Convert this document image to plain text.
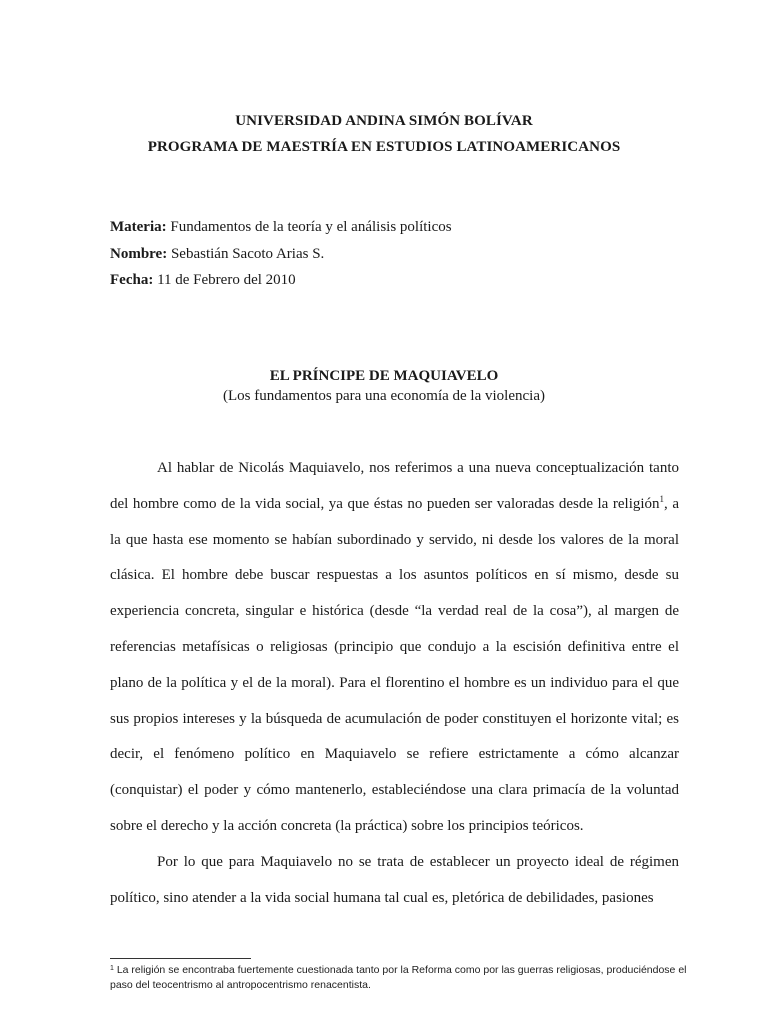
UNIVERSIDAD ANDINA SIMÓN BOLÍVAR
PROGRAMA DE MAESTRÍA EN ESTUDIOS LATINOAMERICANOS
Materia: Fundamentos de la teoría y el análisis políticos
Nombre: Sebastián Sacoto Arias S.
Fecha: 11 de Febrero del 2010
EL PRÍNCIPE DE MAQUIAVELO
(Los fundamentos para una economía de la violencia)

Al hablar de Nicolás Maquiavelo, nos referimos a una nueva conceptualización tanto del hombre como de la vida social, ya que éstas no pueden ser valoradas desde la religión$^1$, a la que hasta ese momento se habían subordinado y servido, ni desde los valores de la moral clásica. El hombre debe buscar respuestas a los asuntos políticos en sí mismo, desde su experiencia concreta, singular e histórica (desde “la verdad real de la cosa”), al margen de referencias metafísicas o religiosas (principio que condujo a la escisión definitiva entre el plano de la política y el de la moral). Para el florentino el hombre es un individuo para el que sus propios intereses y la búsqueda de acumulación de poder constituyen el horizonte vital; es decir, el fenómeno político en Maquiavelo se refiere estrictamente a cómo alcanzar (conquistar) el poder y cómo mantenerlo, estableciéndose una clara primacía de la voluntad sobre el derecho y la acción concreta (la práctica) sobre los principios teóricos.

Por lo que para Maquiavelo no se trata de establecer un proyecto ideal de régimen político, sino atender a la vida social humana tal cual es, pletórica de debilidades, pasiones

$^1$ La religión se encontraba fuertemente cuestionada tanto por la Reforma como por las guerras religiosas, produciéndose el paso del teocentrismo al antropocentrismo renacentista.
